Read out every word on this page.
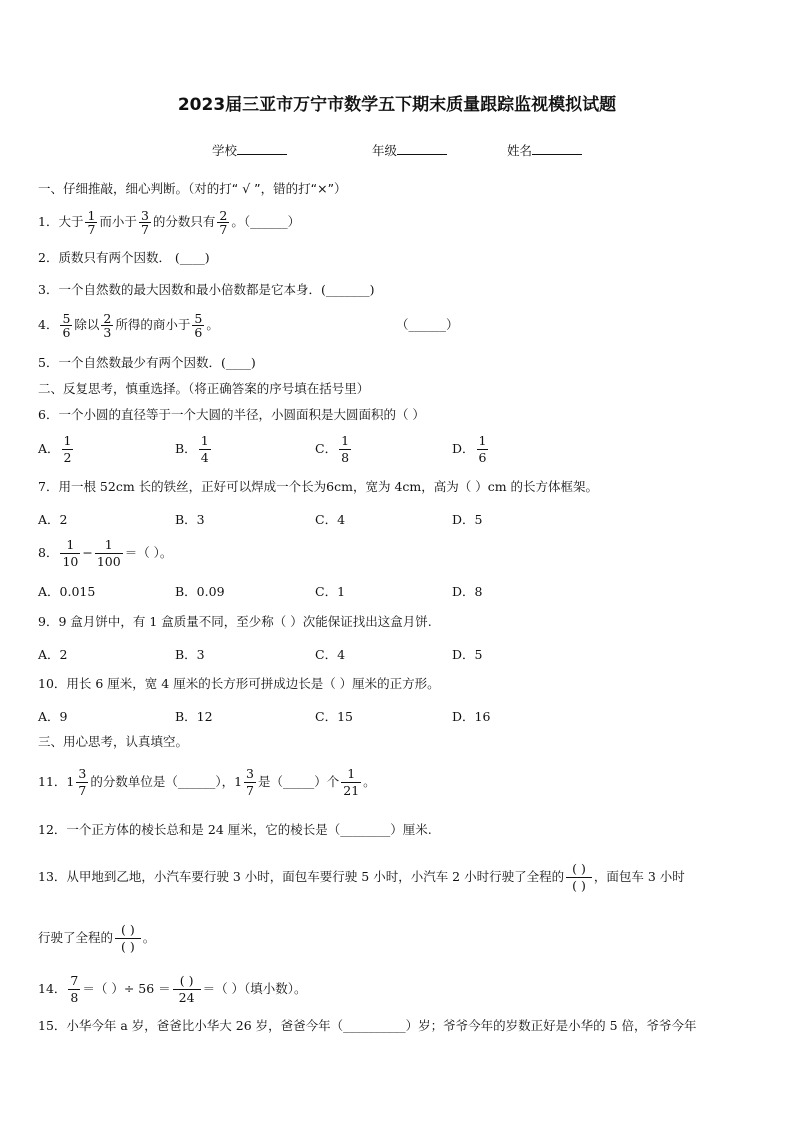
2023届三亚市万宁市数学五下期末质量跟踪监视模拟试题
学校	年级	姓名
一、仔细推敲，细心判断。（对的打“ √ ”，错的打“×”）
1．大于 $\frac{1}{7}$ 而小于 $\frac{3}{7}$ 的分数只有 $\frac{2}{7}$ 。（______）
2．质数只有两个因数． (____)
3．一个自然数的最大因数和最小倍数都是它本身．(_______)
4． $\frac{5}{6}$ 除以 $\frac{2}{3}$ 所得的商小于 $\frac{5}{6}$ 。	（______）
5．一个自然数最少有两个因数．(____)
二、反复思考，慎重选择。（将正确答案的序号填在括号里）
6．一个小圆的直径等于一个大圆的半径，小圆面积是大圆面积的（ ）
A． $\frac{1}{2}$	B． $\frac{1}{4}$	C． $\frac{1}{8}$	D． $\frac{1}{6}$
7．用一根 52cm 长的铁丝，正好可以焊成一个长为6cm，宽为 4cm，高为（ ）cm 的长方体框架。
A．2	B．3	C．4	D．5
8． $\frac{1}{10} - \frac{1}{100}$ ＝（ ）。
A．0.015	B．0.09	C．1	D．8
9．9 盒月饼中，有 1 盒质量不同，至少称（ ）次能保证找出这盒月饼.
A．2	B．3	C．4	D．5
10．用长 6 厘米，宽 4 厘米的长方形可拼成边长是（ ）厘米的正方形。
A．9	B．12	C．15	D．16
三、用心思考，认真填空。
11．$1 \frac{3}{7}$ 的分数单位是（______），$1 \frac{3}{7}$ 是（_____）个 $\frac{1}{21}$ 。
12．一个正方体的棱长总和是 24 厘米，它的棱长是（________）厘米.
13．从甲地到乙地，小汽车要行驶 3 小时，面包车要行驶 5 小时，小汽车 2 小时行驶了全程的
( )
( )
，面包车 3 小时
行驶了全程的
( )
( )
。
14． $\frac{7}{8}$ ＝（ ）÷ 56 ＝
( )
24
＝（ ）（填小数）。
15．小华今年 a 岁，爸爸比小华大 26 岁，爸爸今年（__________）岁；爷爷今年的岁数正好是小华的 5 倍，爷爷今年
